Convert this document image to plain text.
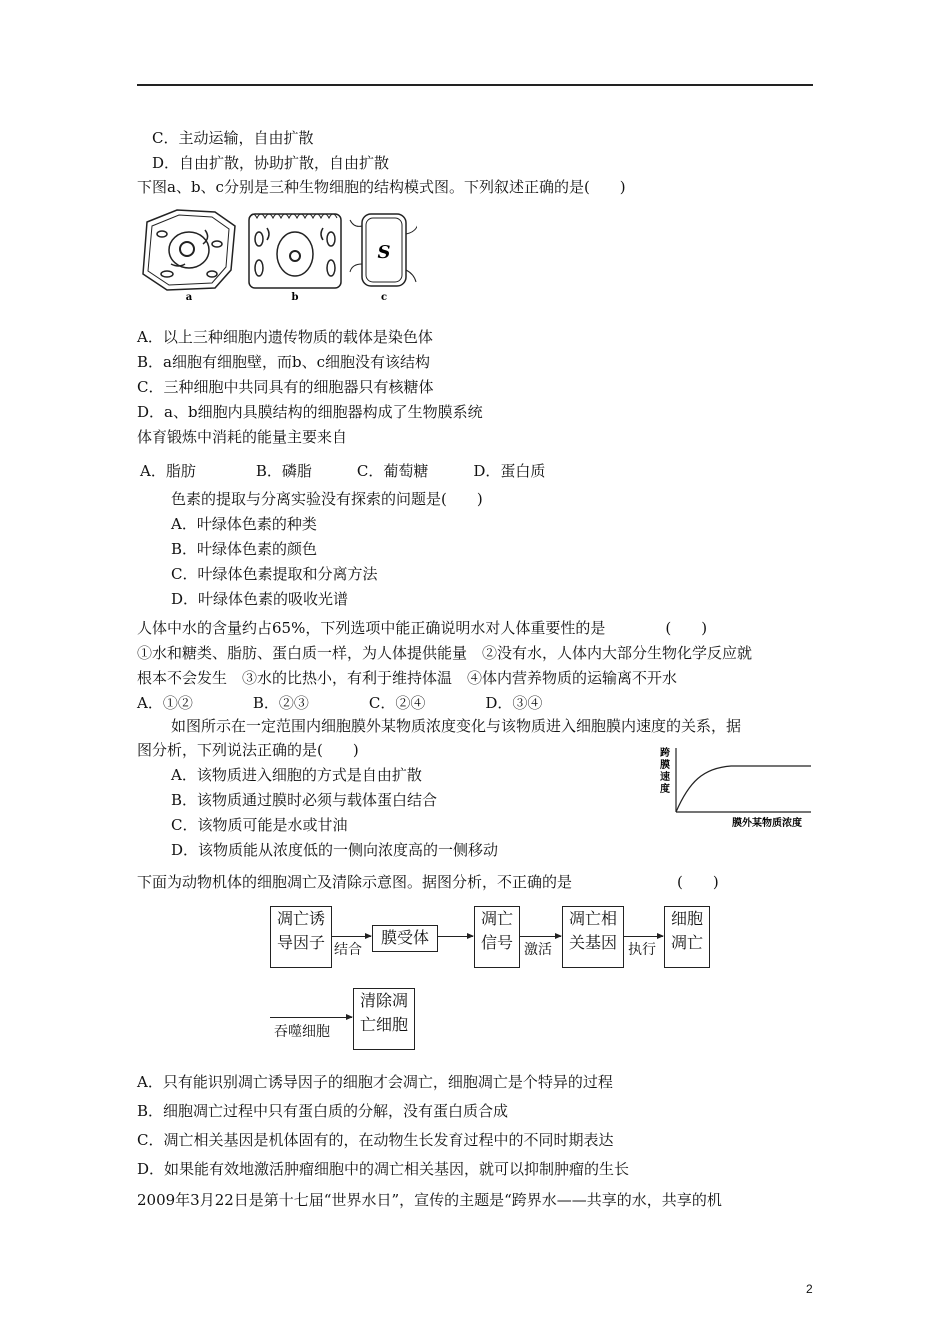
C．主动运输，自由扩散
D．自由扩散，协助扩散，自由扩散
下图a、b、c分别是三种生物细胞的结构模式图。下列叙述正确的是(　　)
a	b
S
c
A．以上三种细胞内遗传物质的载体是染色体
B．a细胞有细胞壁，而b、c细胞没有该结构
C．三种细胞中共同具有的细胞器只有核糖体
D．a、b细胞内具膜结构的细胞器构成了生物膜系统
体育锻炼中消耗的能量主要来自
A．脂肪　　　　B．磷脂　　　C．葡萄糖　　　D．蛋白质
色素的提取与分离实验没有探索的问题是(　　)
A．叶绿体色素的种类
B．叶绿体色素的颜色
C．叶绿体色素提取和分离方法
D．叶绿体色素的吸收光谱
人体中水的含量约占65%，下列选项中能正确说明水对人体重要性的是　　　　(　　)
①水和糖类、脂肪、蛋白质一样，为人体提供能量　②没有水，人体内大部分生物化学反应就
根本不会发生　③水的比热小，有利于维持体温　④体内营养物质的运输离不开水
A．①②　　　　B．②③　　　　C．②④　　　　D．③④
如图所示在一定范围内细胞膜外某物质浓度变化与该物质进入细胞膜内速度的关系，据
图分析，下列说法正确的是(　　)
A．该物质进入细胞的方式是自由扩散
B．该物质通过膜时必须与载体蛋白结合
C．该物质可能是水或甘油
D．该物质能从浓度低的一侧向浓度高的一侧移动
跨
膜
速
度
膜外某物质浓度
下面为动物机体的细胞凋亡及清除示意图。据图分析，不正确的是　　　　　　　(　　)
凋亡诱
导因子 结合
膜受体
凋亡
信号 激活
凋亡相
关基因 执行
细胞
凋亡
吞噬细胞
清除凋
亡细胞
A．只有能识别凋亡诱导因子的细胞才会凋亡，细胞凋亡是个特异的过程
B．细胞凋亡过程中只有蛋白质的分解，没有蛋白质合成
C．凋亡相关基因是机体固有的，在动物生长发育过程中的不同时期表达
D．如果能有效地激活肿瘤细胞中的凋亡相关基因，就可以抑制肿瘤的生长
2009年3月22日是第十七届“世界水日”，宣传的主题是“跨界水——共享的水，共享的机
2
